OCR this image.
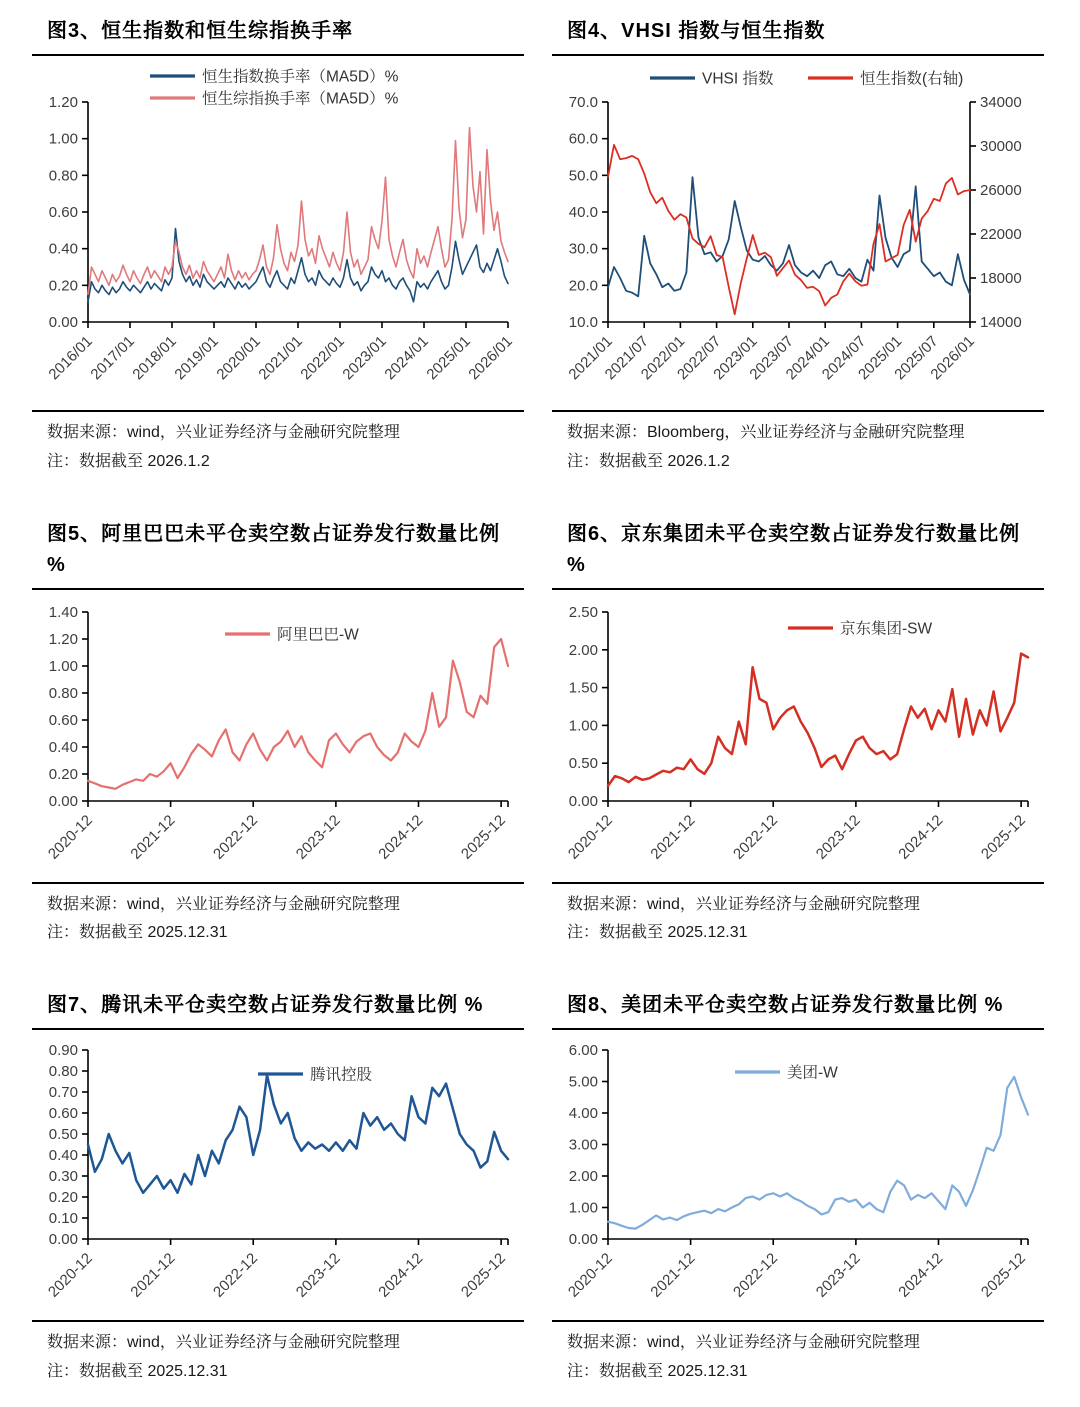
图3、恒生指数和恒生综指换手率
0.00
0.20
0.40
0.60
0.80
1.00
1.20
2016/01
2017/01
2018/01
2019/01
2020/01
2021/01
2022/01
2023/01
2024/01
2025/01
2026/01
恒生指数换手率（MA5D）%
恒生综指换手率（MA5D）%
数据来源：wind，兴业证券经济与金融研究院整理
注：数据截至 2026.1.2
图4、VHSI 指数与恒生指数
10.0
20.0
30.0
40.0
50.0
60.0
70.0
14000
18000
22000
26000
30000
34000
2021/01
2021/07
2022/01
2022/07
2023/01
2023/07
2024/01
2024/07
2025/01
2025/07
2026/01
VHSI 指数	恒生指数(右轴)
数据来源：Bloomberg，兴业证券经济与金融研究院整理
注：数据截至 2026.1.2
图5、阿里巴巴未平仓卖空数占证券发行数量比例 %
0.00
0.20
0.40
0.60
0.80
1.00
1.20
1.40
2020-12 2021-12 2022-12 2023-12 2024-12 2025-12
阿里巴巴-W
数据来源：wind，兴业证券经济与金融研究院整理
注：数据截至 2025.12.31
图6、京东集团未平仓卖空数占证券发行数量比例 %
0.00
0.50
1.00
1.50
2.00
2.50
2020-12 2021-12 2022-12 2023-12 2024-12 2025-12
京东集团-SW
数据来源：wind，兴业证券经济与金融研究院整理
注：数据截至 2025.12.31
图7、腾讯未平仓卖空数占证券发行数量比例 %
0.00
0.10
0.20
0.30
0.40
0.50
0.60
0.70
0.80
0.90
2020-12 2021-12 2022-12 2023-12 2024-12 2025-12
腾讯控股
数据来源：wind，兴业证券经济与金融研究院整理
注：数据截至 2025.12.31
图8、美团未平仓卖空数占证券发行数量比例 %
0.00
1.00
2.00
3.00
4.00
5.00
6.00
2020-12 2021-12 2022-12 2023-12 2024-12 2025-12
美团-W
数据来源：wind，兴业证券经济与金融研究院整理
注：数据截至 2025.12.31
